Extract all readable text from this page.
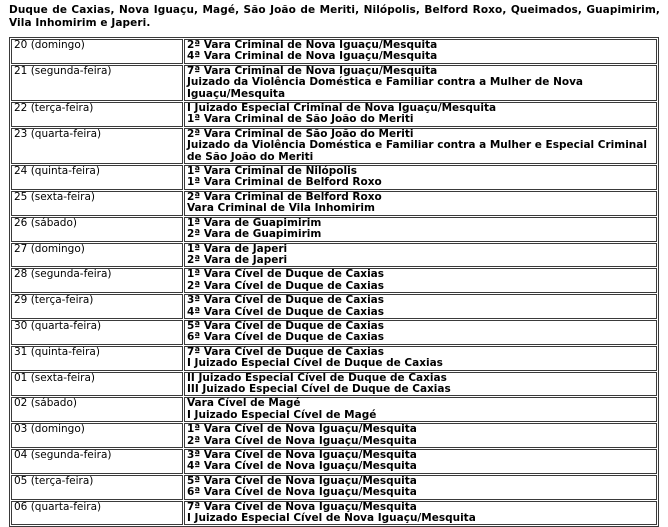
Duque de Caxias, Nova Iguaçu, Magé, São João de Meriti, Nilópolis, Belford Roxo, Queimados, Guapimirim, Vila Inhomirim e Japeri.
20 (domingo)	2ª Vara Criminal de Nova Iguaçu/Mesquita
4ª Vara Criminal de Nova Iguaçu/Mesquita

21 (segunda-feira)	7ª Vara Criminal de Nova Iguaçu/Mesquita
Juizado da Violência Doméstica e Familiar contra a Mulher de Nova Iguaçu/Mesquita

22 (terça-feira)	I Juizado Especial Criminal de Nova Iguaçu/Mesquita
1ª Vara Criminal de São João do Meriti

23 (quarta-feira)	2ª Vara Criminal de São João do Meriti
Juizado da Violência Doméstica e Familiar contra a Mulher e Especial Criminal de São João do Meriti

24 (quinta-feira)	1ª Vara Criminal de Nilópolis
1ª Vara Criminal de Belford Roxo

25 (sexta-feira)	2ª Vara Criminal de Belford Roxo
Vara Criminal de Vila Inhomirim

26 (sábado)	1ª Vara de Guapimirim
2ª Vara de Guapimirim

27 (domingo)	1ª Vara de Japeri
2ª Vara de Japeri

28 (segunda-feira)	1ª Vara Cível de Duque de Caxias
2ª Vara Cível de Duque de Caxias

29 (terça-feira)	3ª Vara Cível de Duque de Caxias
4ª Vara Cível de Duque de Caxias

30 (quarta-feira)	5ª Vara Cível de Duque de Caxias
6ª Vara Cível de Duque de Caxias

31 (quinta-feira)	7ª Vara Cível de Duque de Caxias
I Juizado Especial Cível de Duque de Caxias

01 (sexta-feira)	II Juizado Especial Cível de Duque de Caxias
III Juizado Especial Cível de Duque de Caxias

02 (sábado)	Vara Cível de Magé
I Juizado Especial Cível de Magé

03 (domingo)	1ª Vara Cível de Nova Iguaçu/Mesquita
2ª Vara Cível de Nova Iguaçu/Mesquita

04 (segunda-feira)	3ª Vara Cível de Nova Iguaçu/Mesquita
4ª Vara Cível de Nova Iguaçu/Mesquita

05 (terça-feira)	5ª Vara Cível de Nova Iguaçu/Mesquita
6ª Vara Cível de Nova Iguaçu/Mesquita

06 (quarta-feira)	7ª Vara Cível de Nova Iguaçu/Mesquita
I Juizado Especial Cível de Nova Iguaçu/Mesquita
